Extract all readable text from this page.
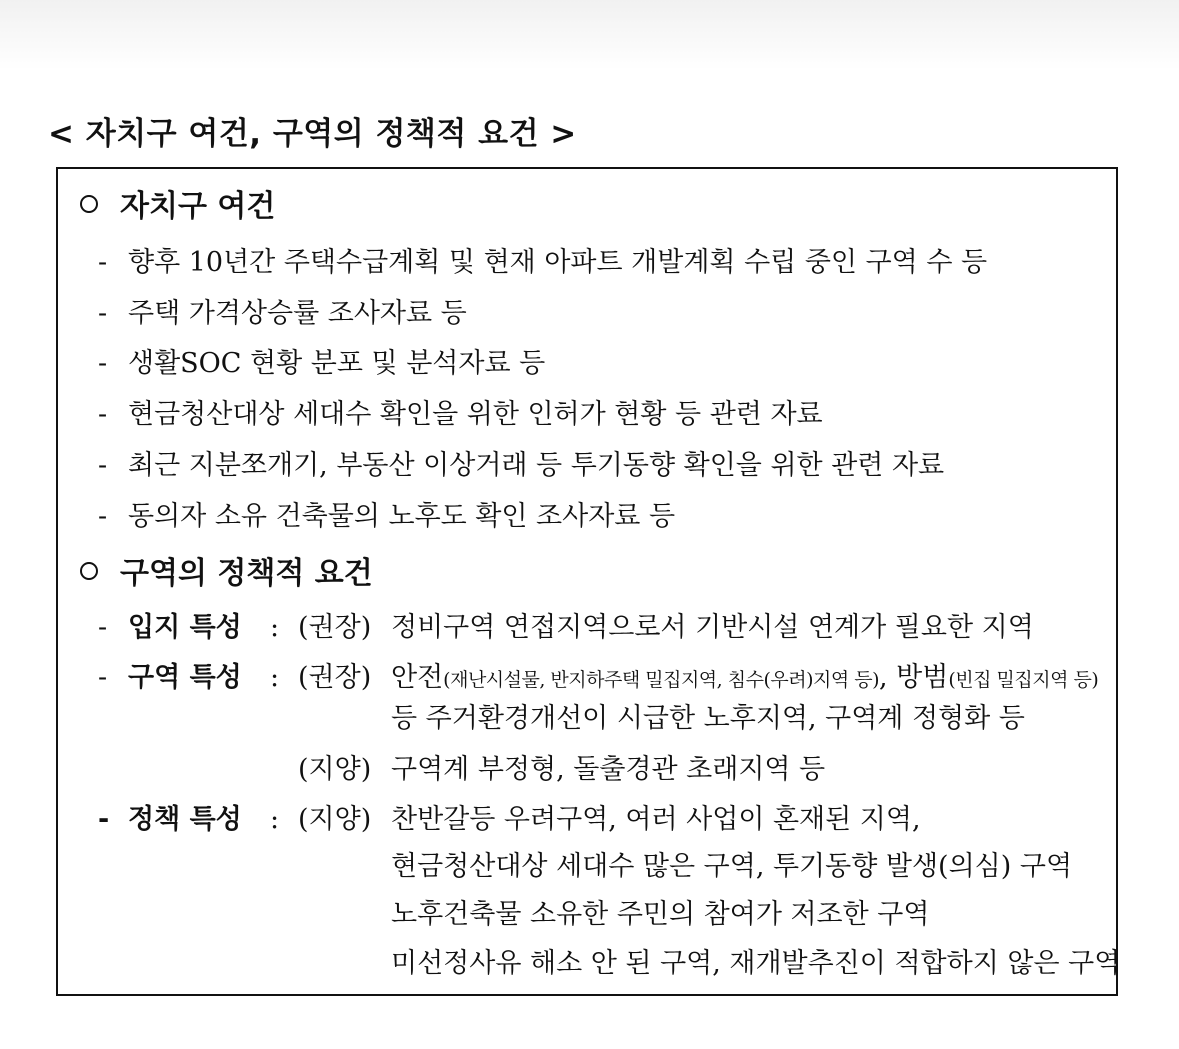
< 자치구 여건, 구역의 정책적 요건 >
자치구 여건
- 향후 10년간 주택수급계획 및 현재 아파트 개발계획 수립 중인 구역 수 등
- 주택 가격상승률 조사자료 등
- 생활SOC 현황 분포 및 분석자료 등
- 현금청산대상 세대수 확인을 위한 인허가 현황 등 관련 자료
- 최근 지분쪼개기, 부동산 이상거래 등 투기동향 확인을 위한 관련 자료
- 동의자 소유 건축물의 노후도 확인 조사자료 등
구역의 정책적 요건
- 입지 특성 : (권장) 정비구역 연접지역으로서 기반시설 연계가 필요한 지역
- 구역 특성 : (권장) 안전(재난시설물, 반지하주택 밀집지역, 침수(우려)지역 등), 방범(빈집 밀집지역 등)
등 주거환경개선이 시급한 노후지역, 구역계 정형화 등
(지양) 구역계 부정형, 돌출경관 초래지역 등
- 정책 특성 : (지양) 찬반갈등 우려구역, 여러 사업이 혼재된 지역,
현금청산대상 세대수 많은 구역, 투기동향 발생(의심) 구역
노후건축물 소유한 주민의 참여가 저조한 구역
미선정사유 해소 안 된 구역, 재개발추진이 적합하지 않은 구역
